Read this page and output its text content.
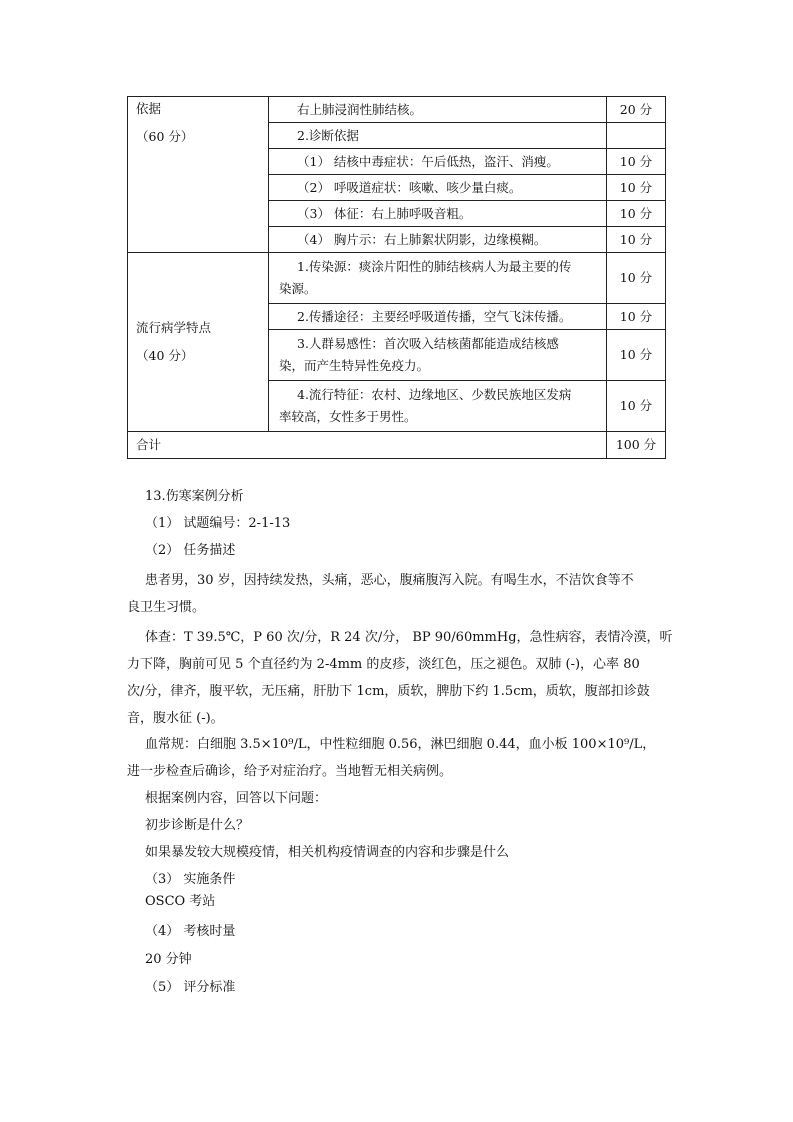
依据
（60 分）	右上肺浸润性肺结核。	20 分
	2.诊断依据	
	（1） 结核中毒症状：午后低热，盗汗、消瘦。	10 分
	（2） 呼吸道症状：咳嗽、咳少量白痰。	10 分
	（3） 体征：右上肺呼吸音粗。	10 分
	（4） 胸片示：右上肺絮状阴影，边缘模糊。	10 分

流行病学特点
（40 分）	1.传染源：痰涂片阳性的肺结核病人为最主要的传
染源。	10 分
	2.传播途径：主要经呼吸道传播，空气飞沫传播。	10 分

	3.人群易感性：首次吸入结核菌都能造成结核感
染，而产生特异性免疫力。	10 分

	4.流行特征：农村、边缘地区、少数民族地区发病
率较高，女性多于男性。	10 分
合计		100 分
13.伤寒案例分析
（1） 试题编号：2-1-13
（2） 任务描述
患者男，30 岁，因持续发热，头痛，恶心，腹痛腹泻入院。有喝生水，不洁饮食等不
良卫生习惯。
体查：T 39.5℃，P 60 次/分，R 24 次/分， BP 90/60mmHg，急性病容，表情冷漠，听
力下降，胸前可见 5 个直径约为 2-4mm 的皮疹，淡红色，压之褪色。双肺 (-)，心率 80
次/分，律齐，腹平软，无压痛，肝肋下 1cm，质软，脾肋下约 1.5cm，质软，腹部扣诊鼓
音，腹水征 (-)。
血常规：白细胞 3.5×10⁹/L，中性粒细胞 0.56，淋巴细胞 0.44，血小板 100×10⁹/L，
进一步检查后确诊，给予对症治疗。当地暂无相关病例。
根据案例内容，回答以下问题：
初步诊断是什么？
如果暴发较大规模疫情，相关机构疫情调查的内容和步骤是什么
（3） 实施条件
OSCO 考站
（4） 考核时量
20 分钟
（5） 评分标准
